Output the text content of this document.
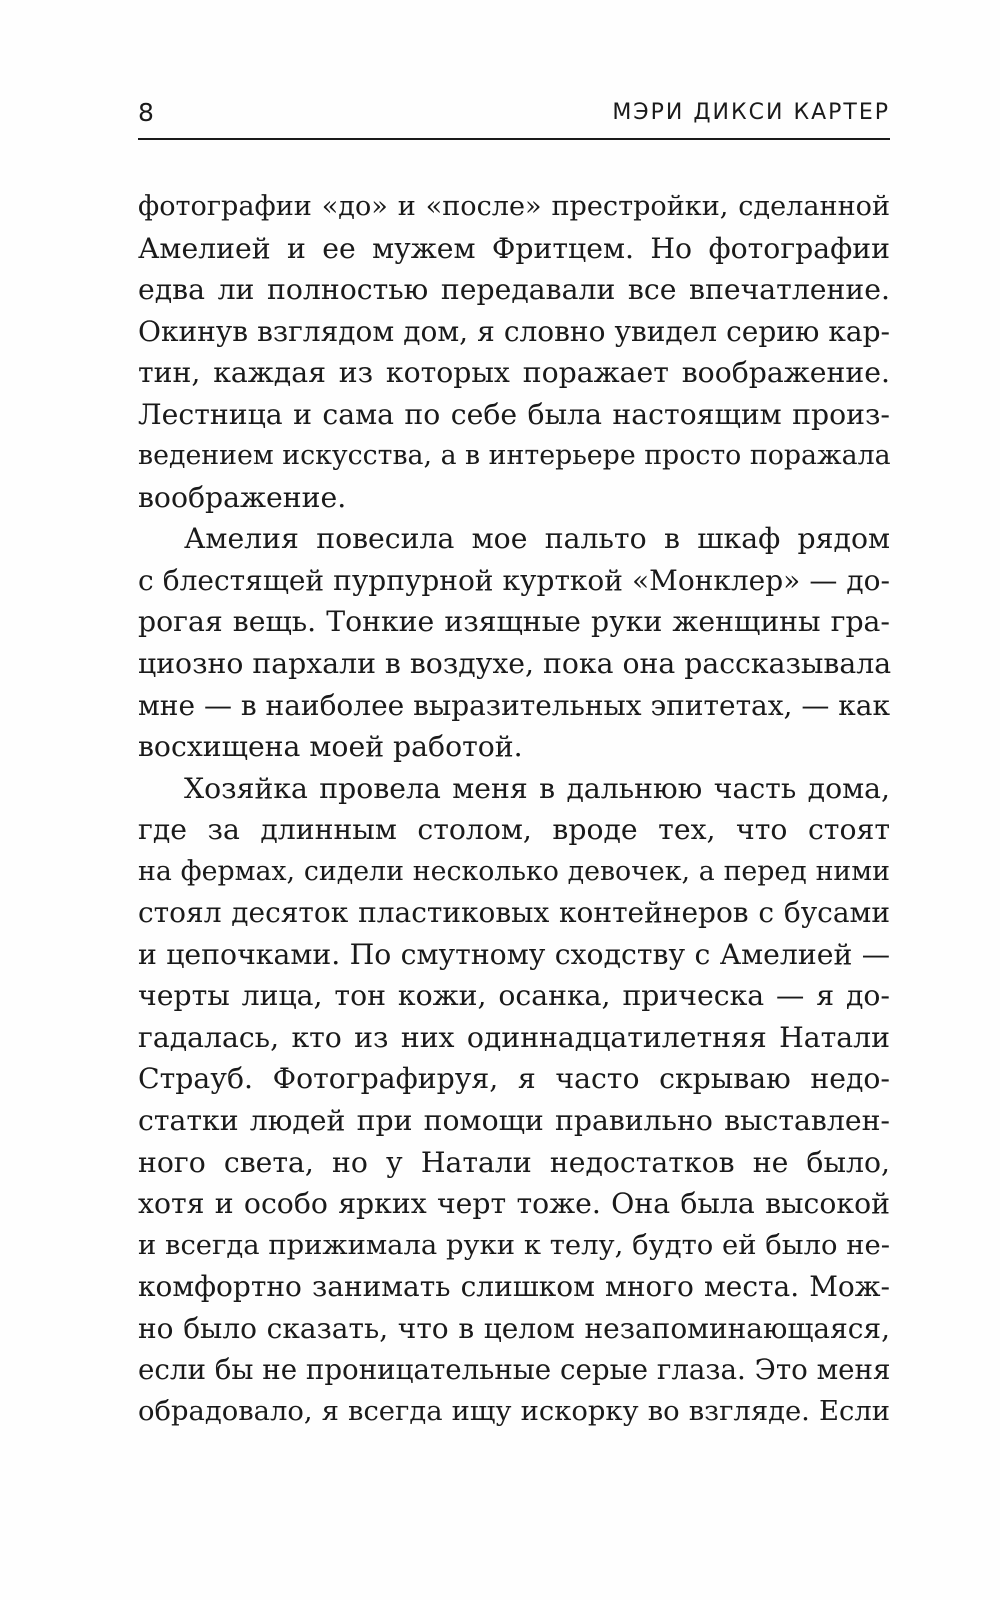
8	МЭРИ ДИКСИ КАРТЕР
фотографии «до» и «после» престройки, сделанной
Амелией и ее мужем Фритцем. Но фотографии
едва ли полностью передавали все впечатление.
Окинув взглядом дом, я словно увидел серию кар-
тин, каждая из которых поражает воображение.
Лестница и сама по себе была настоящим произ-
ведением искусства, а в интерьере просто поражала
воображение.
Амелия повесила мое пальто в шкаф рядом
с блестящей пурпурной курткой «Монклер» — до-
рогая вещь. Тонкие изящные руки женщины гра-
циозно пархали в воздухе, пока она рассказывала
мне — в наиболее выразительных эпитетах, — как
восхищена моей работой.
Хозяйка провела меня в дальнюю часть дома,
где за длинным столом, вроде тех, что стоят
на фермах, сидели несколько девочек, а перед ними
стоял десяток пластиковых контейнеров с бусами
и цепочками. По смутному сходству с Амелией —
черты лица, тон кожи, осанка, прическа — я до-
гадалась, кто из них одиннадцатилетняя Натали
Страуб. Фотографируя, я часто скрываю недо-
статки людей при помощи правильно выставлен-
ного света, но у Натали недостатков не было,
хотя и особо ярких черт тоже. Она была высокой
и всегда прижимала руки к телу, будто ей было не-
комфортно занимать слишком много места. Мож-
но было сказать, что в целом незапоминающаяся,
если бы не проницательные серые глаза. Это меня
обрадовало, я всегда ищу искорку во взгляде. Если
